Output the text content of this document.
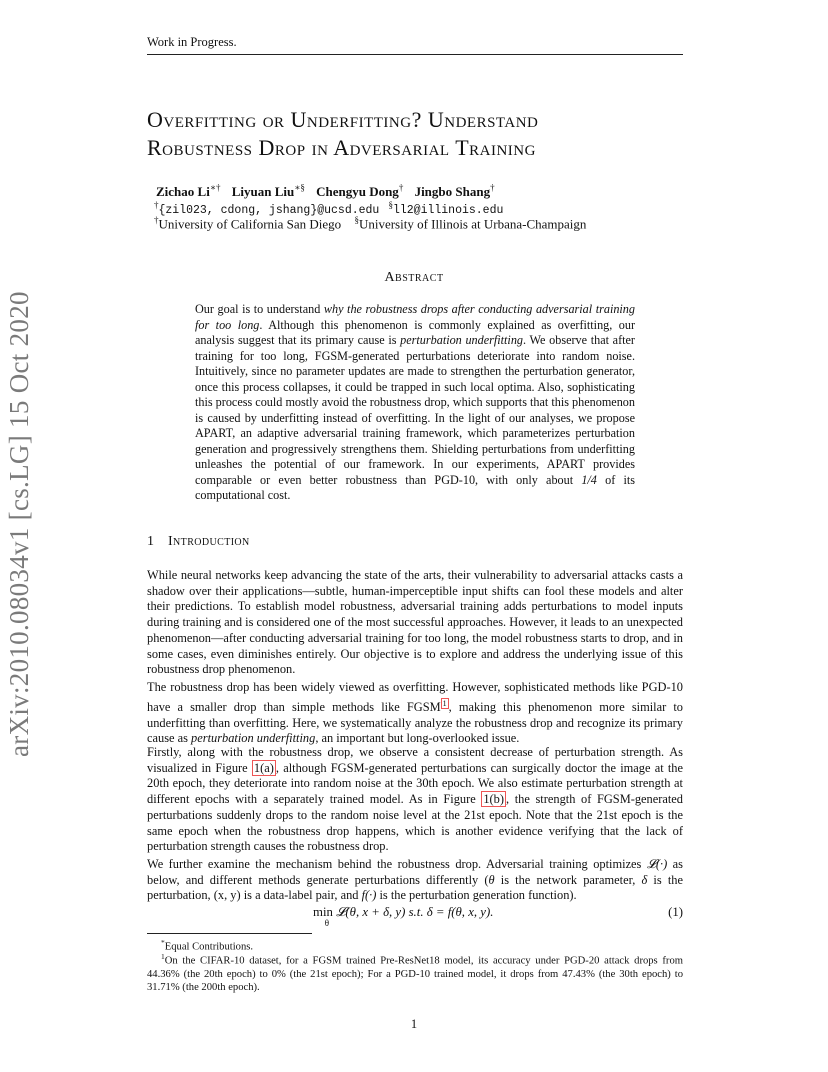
Work in Progress.
arXiv:2010.08034v1 [cs.LG] 15 Oct 2020
Overfitting or Underfitting? Understand
Robustness Drop in Adversarial Training
Zichao Li∗† Liyuan Liu∗§ Chengyu Dong† Jingbo Shang†
†{zil023, cdong, jshang}@ucsd.edu §ll2@illinois.edu
†University of California San Diego §University of Illinois at Urbana-Champaign
Abstract
Our goal is to understand why the robustness drops after conducting adversarial training for too long. Although this phenomenon is commonly explained as overfitting, our analysis suggest that its primary cause is perturbation underfitting. We observe that after training for too long, FGSM-generated perturbations deteriorate into random noise. Intuitively, since no parameter updates are made to strengthen the perturbation generator, once this process collapses, it could be trapped in such local optima. Also, sophisticating this process could mostly avoid the robustness drop, which supports that this phenomenon is caused by underfitting instead of overfitting. In the light of our analyses, we propose APART, an adaptive adversarial training framework, which parameterizes perturbation generation and progressively strengthens them. Shielding perturbations from underfitting unleashes the potential of our framework. In our experiments, APART provides comparable or even better robustness than PGD-10, with only about 1/4 of its computational cost.
1 Introduction
While neural networks keep advancing the state of the arts, their vulnerability to adversarial attacks casts a shadow over their applications—subtle, human-imperceptible input shifts can fool these models and alter their predictions. To establish model robustness, adversarial training adds perturbations to model inputs during training and is considered one of the most successful approaches. However, it leads to an unexpected phenomenon—after conducting adversarial training for too long, the model robustness starts to drop, and in some cases, even diminishes entirely. Our objective is to explore and address the underlying issue of this robustness drop phenomenon.
The robustness drop has been widely viewed as overfitting. However, sophisticated methods like PGD-10 have a smaller drop than simple methods like FGSM $^1$ , making this phenomenon more similar to underfitting than overfitting. Here, we systematically analyze the robustness drop and recognize its primary cause as perturbation underfitting, an important but long-overlooked issue.
Firstly, along with the robustness drop, we observe a consistent decrease of perturbation strength. As visualized in Figure 1(a) , although FGSM-generated perturbations can surgically doctor the image at the 20th epoch, they deteriorate into random noise at the 30th epoch. We also estimate perturbation strength at different epochs with a separately trained model. As in Figure 1(b) , the strength of FGSM-generated perturbations suddenly drops to the random noise level at the 21st epoch. Note that the 21st epoch is the same epoch when the robustness drop happens, which is another evidence verifying that the lack of perturbation strength causes the robustness drop.
We further examine the mechanism behind the robustness drop. Adversarial training optimizes 𝓛(·) as below, and different methods generate perturbations differently (θ is the network parameter, δ is the perturbation, (x, y) is a data-label pair, and f(·) is the perturbation generation function).
min
θ
𝓛(θ, x + δ, y) s.t. δ = f(θ, x, y).	(1)
*Equal Contributions.
$^1$On the CIFAR-10 dataset, for a FGSM trained Pre-ResNet18 model, its accuracy under PGD-20 attack drops from 44.36% (the 20th epoch) to 0% (the 21st epoch); For a PGD-10 trained model, it drops from 47.43% (the 30th epoch) to 31.71% (the 200th epoch).
1
